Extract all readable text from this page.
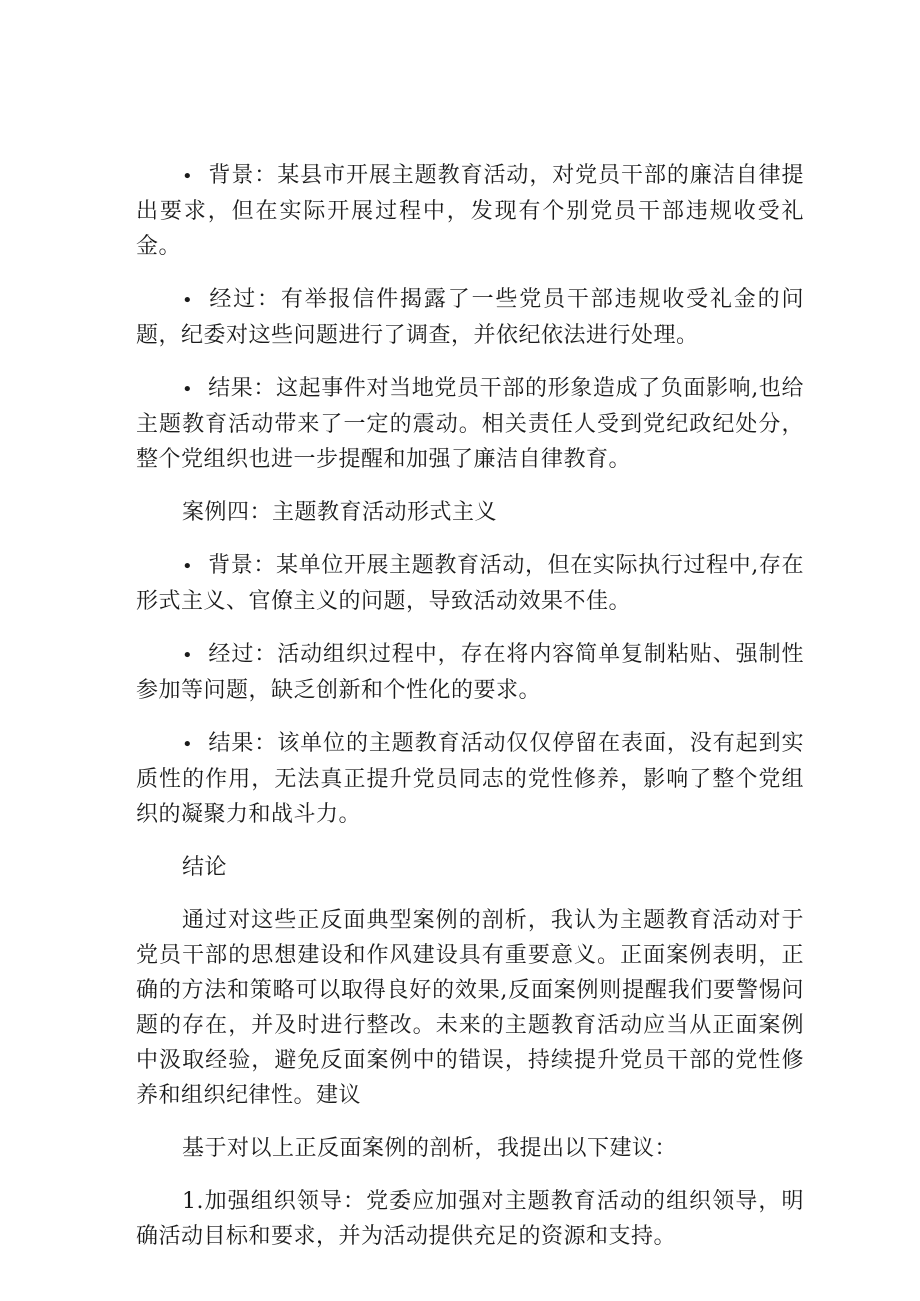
• 背景：某县市开展主题教育活动，对党员干部的廉洁自律提出要求，但在实际开展过程中，发现有个别党员干部违规收受礼金。

• 经过：有举报信件揭露了一些党员干部违规收受礼金的问题，纪委对这些问题进行了调查，并依纪依法进行处理。

• 结果：这起事件对当地党员干部的形象造成了负面影响,也给主题教育活动带来了一定的震动。相关责任人受到党纪政纪处分，整个党组织也进一步提醒和加强了廉洁自律教育。

案例四：主题教育活动形式主义

• 背景：某单位开展主题教育活动，但在实际执行过程中,存在形式主义、官僚主义的问题，导致活动效果不佳。

• 经过：活动组织过程中，存在将内容简单复制粘贴、强制性参加等问题，缺乏创新和个性化的要求。

• 结果：该单位的主题教育活动仅仅停留在表面，没有起到实质性的作用，无法真正提升党员同志的党性修养，影响了整个党组织的凝聚力和战斗力。

结论

通过对这些正反面典型案例的剖析，我认为主题教育活动对于党员干部的思想建设和作风建设具有重要意义。正面案例表明，正确的方法和策略可以取得良好的效果,反面案例则提醒我们要警惕问题的存在，并及时进行整改。未来的主题教育活动应当从正面案例中汲取经验，避免反面案例中的错误，持续提升党员干部的党性修养和组织纪律性。建议

基于对以上正反面案例的剖析，我提出以下建议：

1.加强组织领导：党委应加强对主题教育活动的组织领导，明确活动目标和要求，并为活动提供充足的资源和支持。
